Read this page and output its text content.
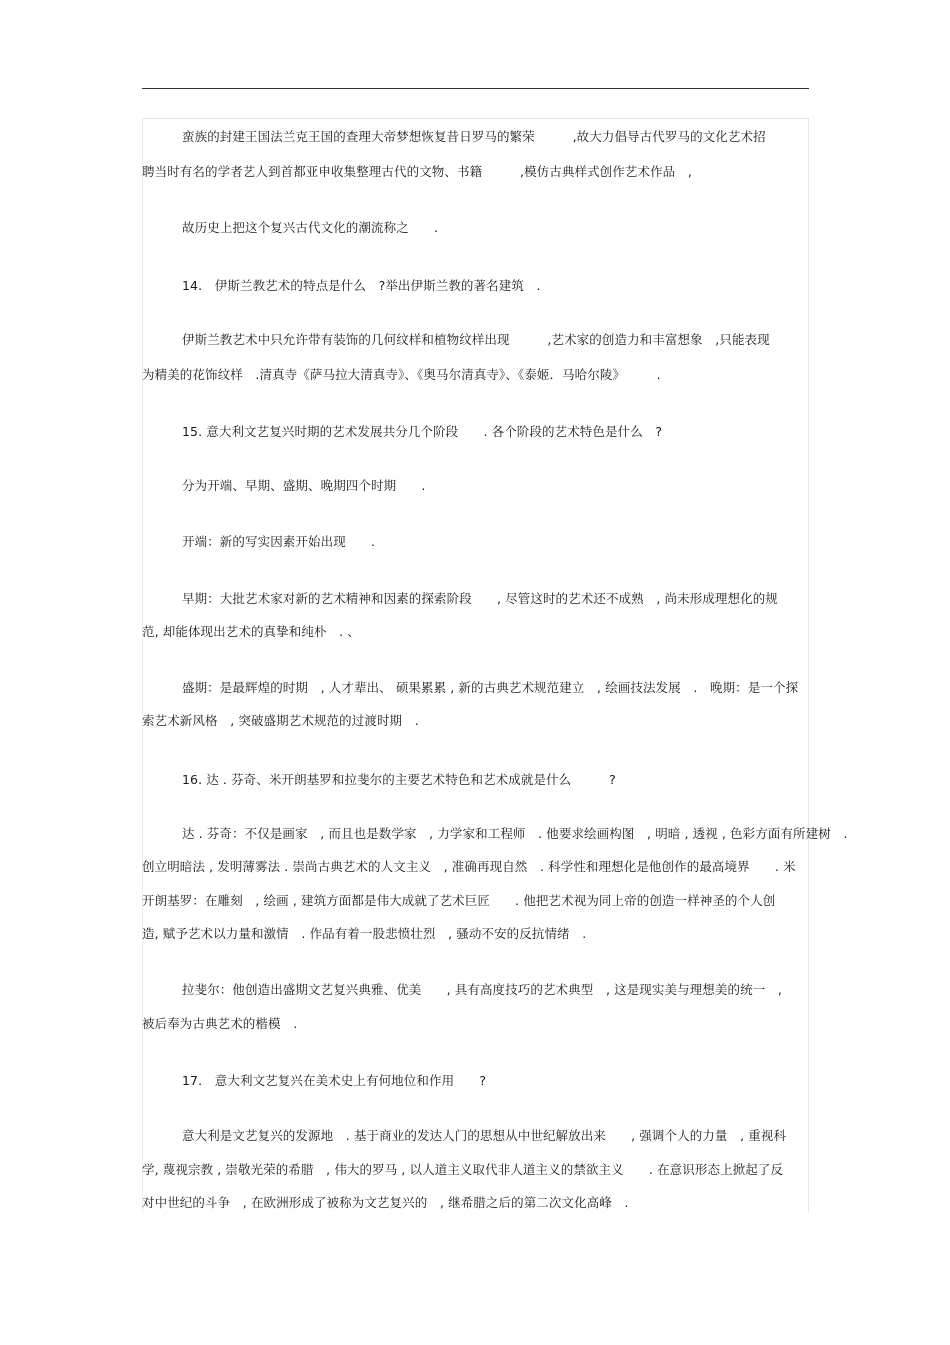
蛮族的封建王国法兰克王国的查理大帝梦想恢复昔日罗马的繁荣　　　,故大力倡导古代罗马的文化艺术招
聘当时有名的学者艺人到首都亚申收集整理古代的文物、书籍　　　,模仿古典样式创作艺术作品　,
故历史上把这个复兴古代文化的潮流称之　　.
14.　伊斯兰教艺术的特点是什么　?举出伊斯兰教的著名建筑　.
伊斯兰教艺术中只允许带有装饰的几何纹样和植物纹样出现　　　,艺术家的创造力和丰富想象　,只能表现
为精美的花饰纹样　.清真寺《萨马拉大清真寺》、《奥马尔清真寺》、《泰姬．马哈尔陵》　　　.
15. 意大利文艺复兴时期的艺术发展共分几个阶段　　. 各个阶段的艺术特色是什么　?
分为开端、早期、盛期、晚期四个时期　　.
开端：新的写实因素开始出现　　.
早期：大批艺术家对新的艺术精神和因素的探索阶段　　, 尽管这时的艺术还不成熟　, 尚未形成理想化的规
范, 却能体现出艺术的真挚和纯朴　. 、
盛期：是最辉煌的时期　, 人才辈出、 硕果累累 , 新的古典艺术规范建立　, 绘画技法发展　.　晚期：是一个探
索艺术新风格　, 突破盛期艺术规范的过渡时期　.
16. 达 . 芬奇、米开朗基罗和拉斐尔的主要艺术特色和艺术成就是什么　　　?
达 . 芬奇：不仅是画家　, 而且也是数学家　, 力学家和工程师　. 他要求绘画构图　, 明暗 , 透视 , 色彩方面有所建树　.
创立明暗法 , 发明薄雾法 . 崇尚古典艺术的人文主义　, 准确再现自然　. 科学性和理想化是他创作的最高境界　　. 米
开朗基罗：在雕刻　, 绘画 , 建筑方面都是伟大成就了艺术巨匠　　. 他把艺术视为同上帝的创造一样神圣的个人创
造, 赋予艺术以力量和激情　. 作品有着一股悲愤壮烈　, 骚动不安的反抗情绪　.
拉斐尔：他创造出盛期文艺复兴典雅、优美　　, 具有高度技巧的艺术典型　, 这是现实美与理想美的统一　,
被后奉为古典艺术的楷模　.
17.　意大利文艺复兴在美术史上有何地位和作用　　?
意大利是文艺复兴的发源地　. 基于商业的发达人门的思想从中世纪解放出来　　, 强调个人的力量　, 重视科
学, 蔑视宗教 , 崇敬光荣的希腊　, 伟大的罗马 , 以人道主义取代非人道主义的禁欲主义　　. 在意识形态上掀起了反
对中世纪的斗争　, 在欧洲形成了被称为文艺复兴的　, 继希腊之后的第二次文化高峰　.
